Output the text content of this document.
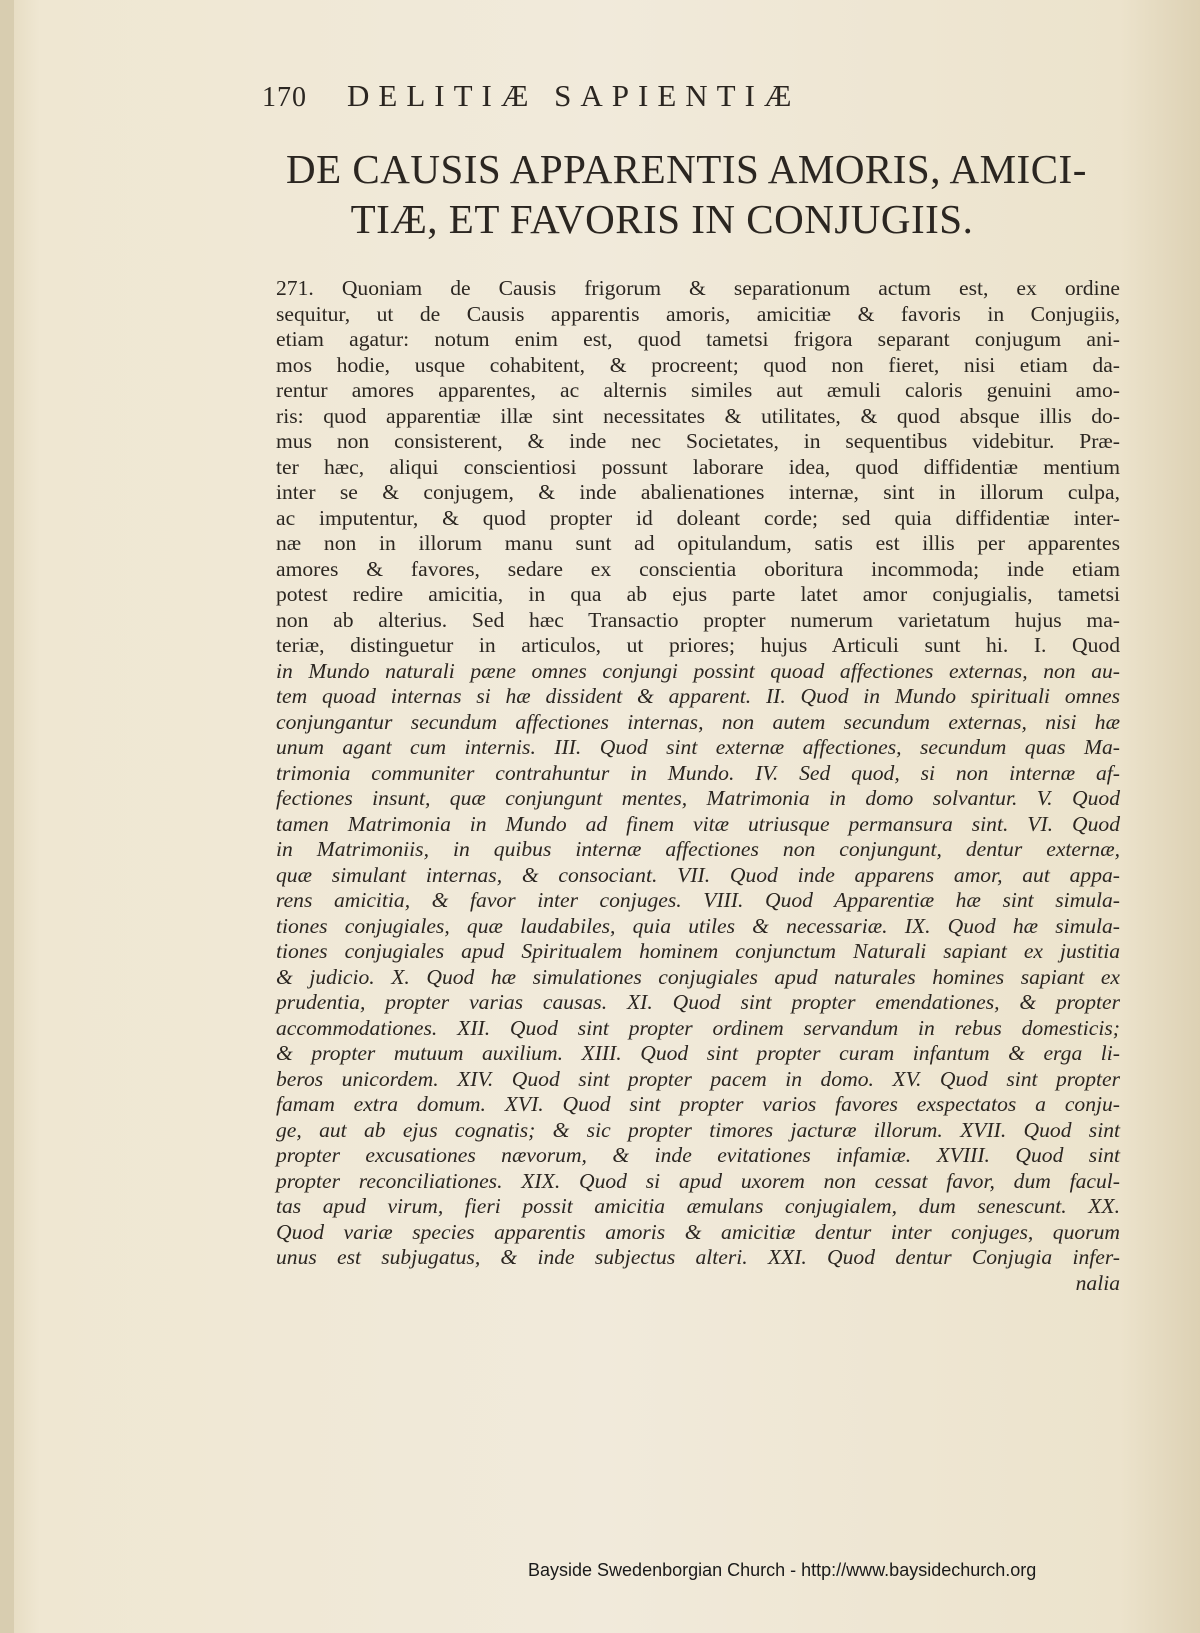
170 DELITIÆ SAPIENTIÆ
DE CAUSIS APPARENTIS AMORIS, AMICI-
TIÆ, ET FAVORIS IN CONJUGIIS.
271. Quoniam de Causis frigorum & separationum actum est, ex ordine
sequitur, ut de Causis apparentis amoris, amicitiæ & favoris in Conjugiis,
etiam agatur: notum enim est, quod tametsi frigora separant conjugum ani-
mos hodie, usque cohabitent, & procreent; quod non fieret, nisi etiam da-
rentur amores apparentes, ac alternis similes aut æmuli caloris genuini amo-
ris: quod apparentiæ illæ sint necessitates & utilitates, & quod absque illis do-
mus non consisterent, & inde nec Societates, in sequentibus videbitur. Præ-
ter hæc, aliqui conscientiosi possunt laborare idea, quod diffidentiæ mentium
inter se & conjugem, & inde abalienationes internæ, sint in illorum culpa,
ac imputentur, & quod propter id doleant corde; sed quia diffidentiæ inter-
næ non in illorum manu sunt ad opitulandum, satis est illis per apparentes
amores & favores, sedare ex conscientia oboritura incommoda; inde etiam
potest redire amicitia, in qua ab ejus parte latet amor conjugialis, tametsi
non ab alterius. Sed hæc Transactio propter numerum varietatum hujus ma-
teriæ, distinguetur in articulos, ut priores; hujus Articuli sunt hi. I. Quod
in Mundo naturali pæne omnes conjungi possint quoad affectiones externas, non au-
tem quoad internas si hæ dissident & apparent. II. Quod in Mundo spirituali omnes
conjungantur secundum affectiones internas, non autem secundum externas, nisi hæ
unum agant cum internis. III. Quod sint externæ affectiones, secundum quas Ma-
trimonia communiter contrahuntur in Mundo. IV. Sed quod, si non internæ af-
fectiones insunt, quæ conjungunt mentes, Matrimonia in domo solvantur. V. Quod
tamen Matrimonia in Mundo ad finem vitæ utriusque permansura sint. VI. Quod
in Matrimoniis, in quibus internæ affectiones non conjungunt, dentur externæ,
quæ simulant internas, & consociant. VII. Quod inde apparens amor, aut appa-
rens amicitia, & favor inter conjuges. VIII. Quod Apparentiæ hæ sint simula-
tiones conjugiales, quæ laudabiles, quia utiles & necessariæ. IX. Quod hæ simula-
tiones conjugiales apud Spiritualem hominem conjunctum Naturali sapiant ex justitia
& judicio. X. Quod hæ simulationes conjugiales apud naturales homines sapiant ex
prudentia, propter varias causas. XI. Quod sint propter emendationes, & propter
accommodationes. XII. Quod sint propter ordinem servandum in rebus domesticis;
& propter mutuum auxilium. XIII. Quod sint propter curam infantum & erga li-
beros unicordem. XIV. Quod sint propter pacem in domo. XV. Quod sint propter
famam extra domum. XVI. Quod sint propter varios favores exspectatos a conju-
ge, aut ab ejus cognatis; & sic propter timores jacturæ illorum. XVII. Quod sint
propter excusationes nævorum, & inde evitationes infamiæ. XVIII. Quod sint
propter reconciliationes. XIX. Quod si apud uxorem non cessat favor, dum facul-
tas apud virum, fieri possit amicitia æmulans conjugialem, dum senescunt. XX.
Quod variæ species apparentis amoris & amicitiæ dentur inter conjuges, quorum
unus est subjugatus, & inde subjectus alteri. XXI. Quod dentur Conjugia infer-
nalia
Bayside Swedenborgian Church - http://www.baysidechurch.org
